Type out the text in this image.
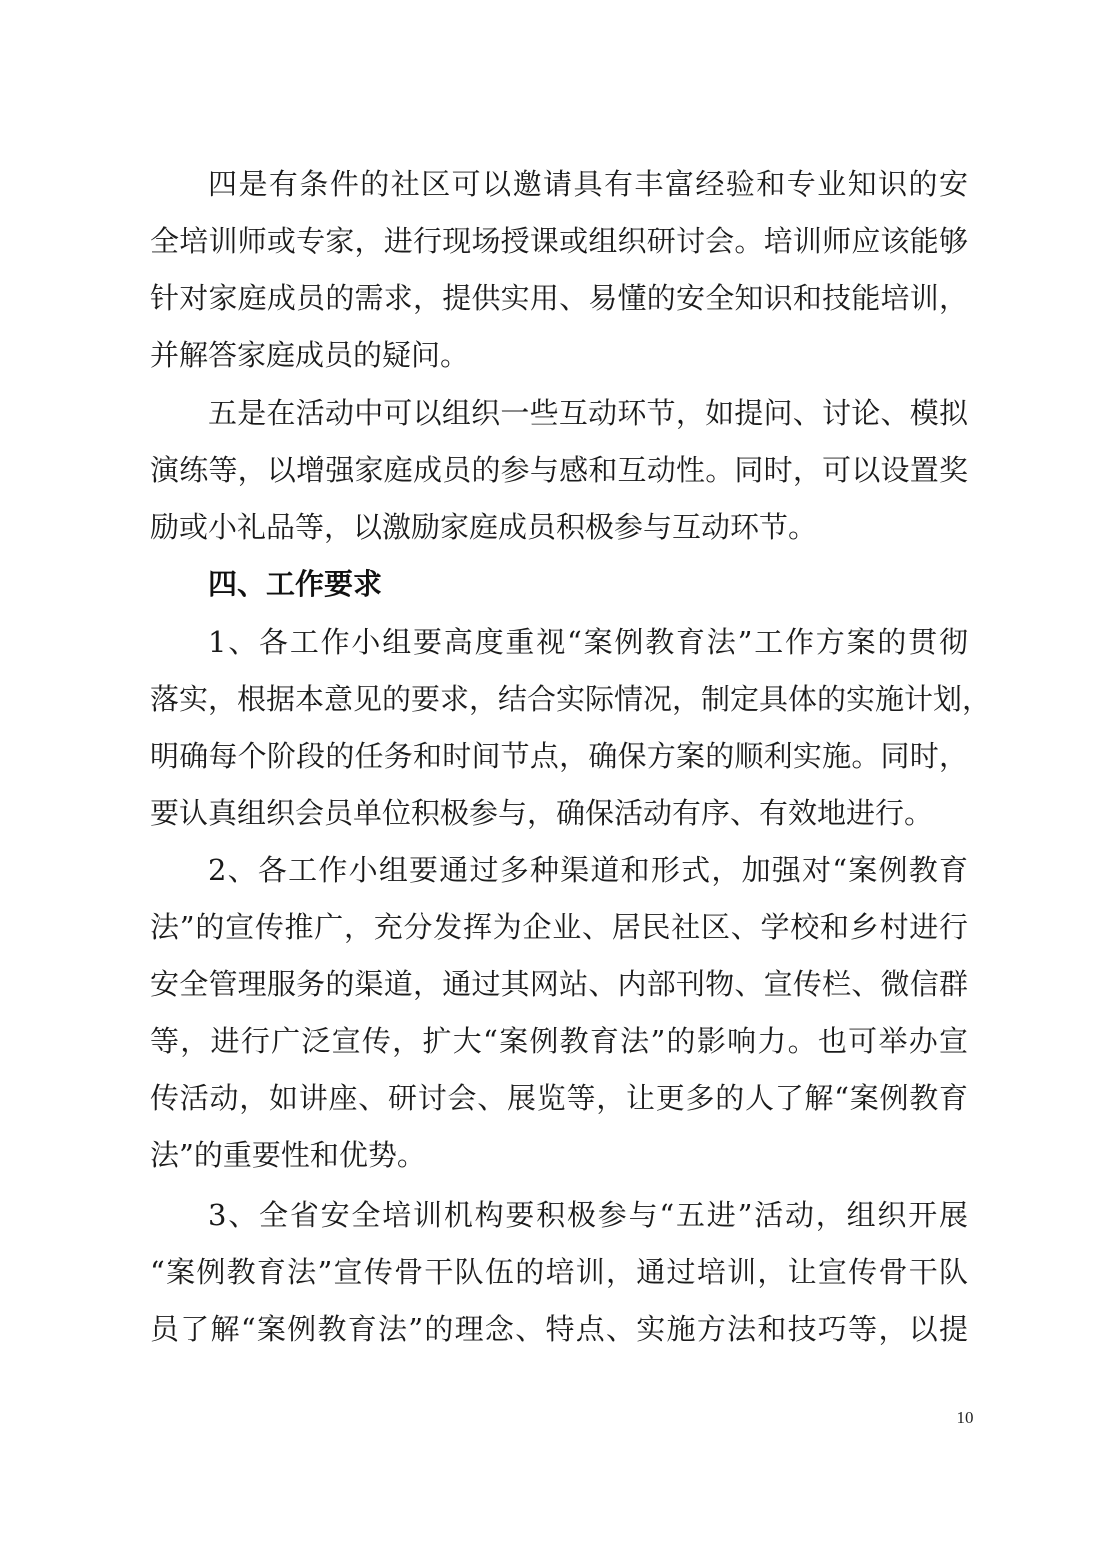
四是有条件的社区可以邀请具有丰富经验和专业知识的安
全培训师或专家，进行现场授课或组织研讨会。培训师应该能够
针对家庭成员的需求，提供实用、易懂的安全知识和技能培训，
并解答家庭成员的疑问。
五是在活动中可以组织一些互动环节，如提问、讨论、模拟
演练等，以增强家庭成员的参与感和互动性。同时，可以设置奖
励或小礼品等，以激励家庭成员积极参与互动环节。
四、工作要求
1、各工作小组要高度重视“案例教育法”工作方案的贯彻
落实，根据本意见的要求，结合实际情况，制定具体的实施计划，
明确每个阶段的任务和时间节点，确保方案的顺利实施。同时，
要认真组织会员单位积极参与，确保活动有序、有效地进行。
2、各工作小组要通过多种渠道和形式，加强对“案例教育
法”的宣传推广，充分发挥为企业、居民社区、学校和乡村进行
安全管理服务的渠道，通过其网站、内部刊物、宣传栏、微信群
等，进行广泛宣传，扩大“案例教育法”的影响力。也可举办宣
传活动，如讲座、研讨会、展览等，让更多的人了解“案例教育
法”的重要性和优势。
3、全省安全培训机构要积极参与“五进”活动，组织开展
“案例教育法”宣传骨干队伍的培训，通过培训，让宣传骨干队
员了解“案例教育法”的理念、特点、实施方法和技巧等，以提
10
